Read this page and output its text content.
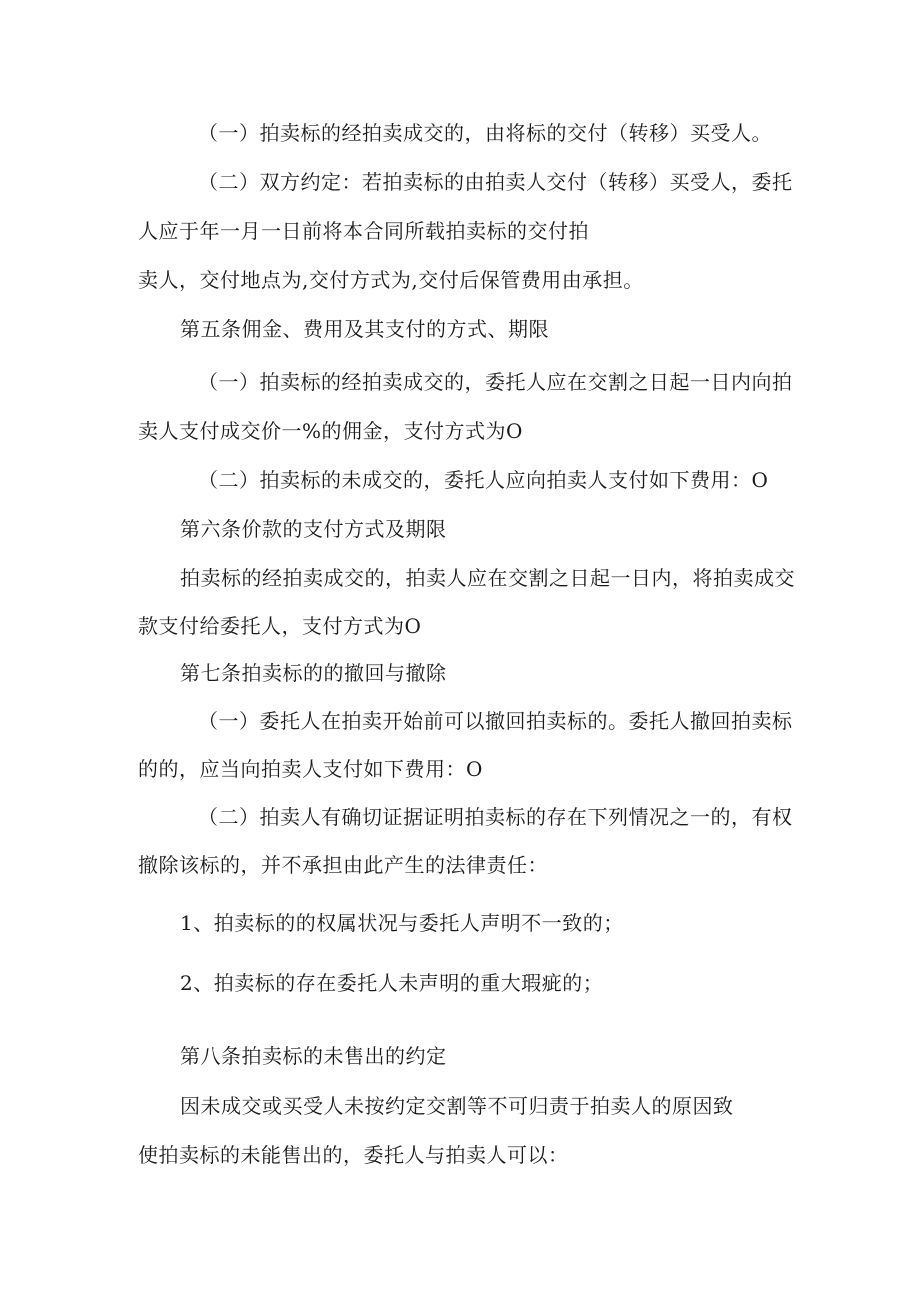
（一）拍卖标的经拍卖成交的，由将标的交付（转移）买受人。
（二）双方约定：若拍卖标的由拍卖人交付（转移）买受人，委托
人应于年一月一日前将本合同所载拍卖标的交付拍
卖人，交付地点为,交付方式为,交付后保管费用由承担。
第五条佣金、费用及其支付的方式、期限
（一）拍卖标的经拍卖成交的，委托人应在交割之日起一日内向拍
卖人支付成交价一%的佣金，支付方式为O
（二）拍卖标的未成交的，委托人应向拍卖人支付如下费用：O
第六条价款的支付方式及期限
拍卖标的经拍卖成交的，拍卖人应在交割之日起一日内，将拍卖成交
款支付给委托人，支付方式为O
第七条拍卖标的的撤回与撤除
（一）委托人在拍卖开始前可以撤回拍卖标的。委托人撤回拍卖标
的的，应当向拍卖人支付如下费用：O
（二）拍卖人有确切证据证明拍卖标的存在下列情况之一的，有权
撤除该标的，并不承担由此产生的法律责任：
1、拍卖标的的权属状况与委托人声明不一致的；
2、拍卖标的存在委托人未声明的重大瑕疵的；
第八条拍卖标的未售出的约定
因未成交或买受人未按约定交割等不可归责于拍卖人的原因致
使拍卖标的未能售出的，委托人与拍卖人可以：
